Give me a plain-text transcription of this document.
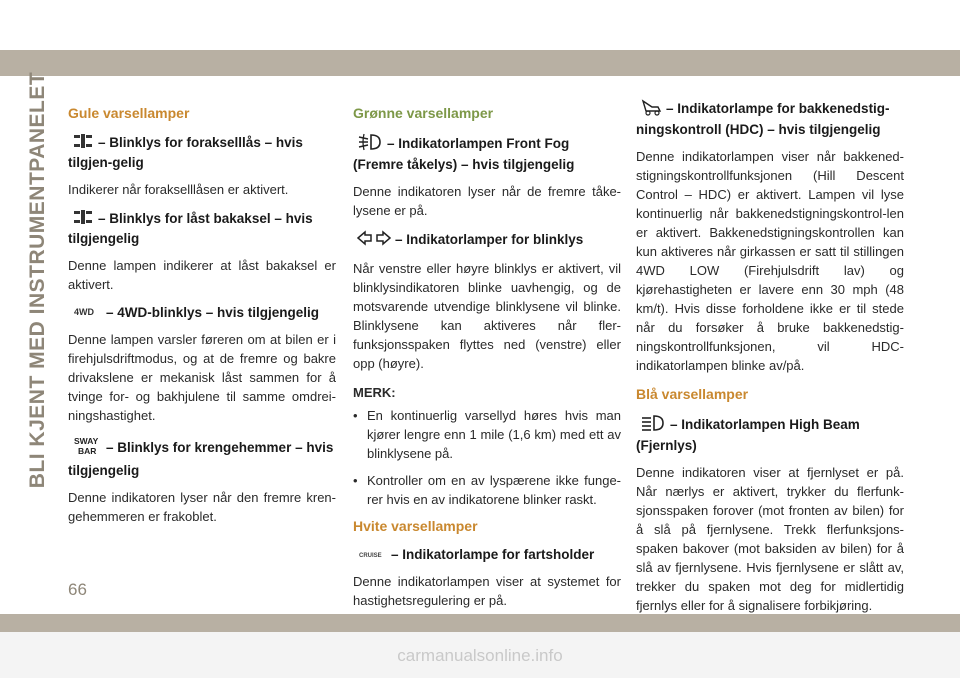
BLI KJENT MED INSTRUMENTPANELET Gule varsellamper
– Blinklys for forakselllås – hvis tilgjen-gelig
Indikerer når forakselllåsen er aktivert.
– Blinklys for låst bakaksel – hvis tilgjengelig
Denne lampen indikerer at låst bakaksel er aktivert.
4WD – 4WD-blinklys – hvis tilgjengelig
Denne lampen varsler føreren om at bilen er i firehjulsdriftmodus, og at de fremre og bakre drivakslene er mekanisk låst sammen for å tvinge for- og bakhjulene til samme omdrei-ningshastighet.
SWAY
BAR – Blinklys for krengehemmer – hvis tilgjengelig
Denne indikatoren lyser når den fremre kren-gehemmeren er frakoblet.
Grønne varsellamper
– Indikatorlampen Front Fog (Fremre tåkelys) – hvis tilgjengelig
Denne indikatoren lyser når de fremre tåke-lysene er på.
– Indikatorlamper for blinklys
Når venstre eller høyre blinklys er aktivert, vil blinklysindikatoren blinke uavhengig, og de motsvarende utvendige blinklysene vil blinke. Blinklysene kan aktiveres når fler-funksjonsspaken flyttes ned (venstre) eller opp (høyre).
MERK:
• En kontinuerlig varsellyd høres hvis man kjører lengre enn 1 mile (1,6 km) med ett av blinklysene på.
• Kontroller om en av lyspærene ikke funge-rer hvis en av indikatorene blinker raskt.
Hvite varsellamper
CRUISE – Indikatorlampe for fartsholder
Denne indikatorlampen viser at systemet for hastighetsregulering er på.
– Indikatorlampe for bakkenedstig-ningskontroll (HDC) – hvis tilgjengelig
Denne indikatorlampen viser når bakkened-stigningskontrollfunksjonen (Hill Descent Control – HDC) er aktivert. Lampen vil lyse kontinuerlig når bakkenedstigningskontrol-len er aktivert. Bakkenedstigningskontrollen kan kun aktiveres når girkassen er satt til stillingen 4WD LOW (Firehjulsdrift lav) og kjørehastigheten er lavere enn 30 mph (48 km/t). Hvis disse forholdene ikke er til stede når du forsøker å bruke bakkenedstig-ningskontrollfunksjonen, vil HDC-indikatorlampen blinke av/på.
Blå varsellamper
– Indikatorlampen High Beam (Fjernlys)
Denne indikatoren viser at fjernlyset er på. Når nærlys er aktivert, trykker du flerfunk-sjonsspaken forover (mot fronten av bilen) for å slå på fjernlysene. Trekk flerfunksjons-spaken bakover (mot baksiden av bilen) for å slå av fjernlysene. Hvis fjernlysene er slått av, trekker du spaken mot deg for midlertidig fjernlys eller for å signalisere forbikjøring.
66
carmanualsonline.info
